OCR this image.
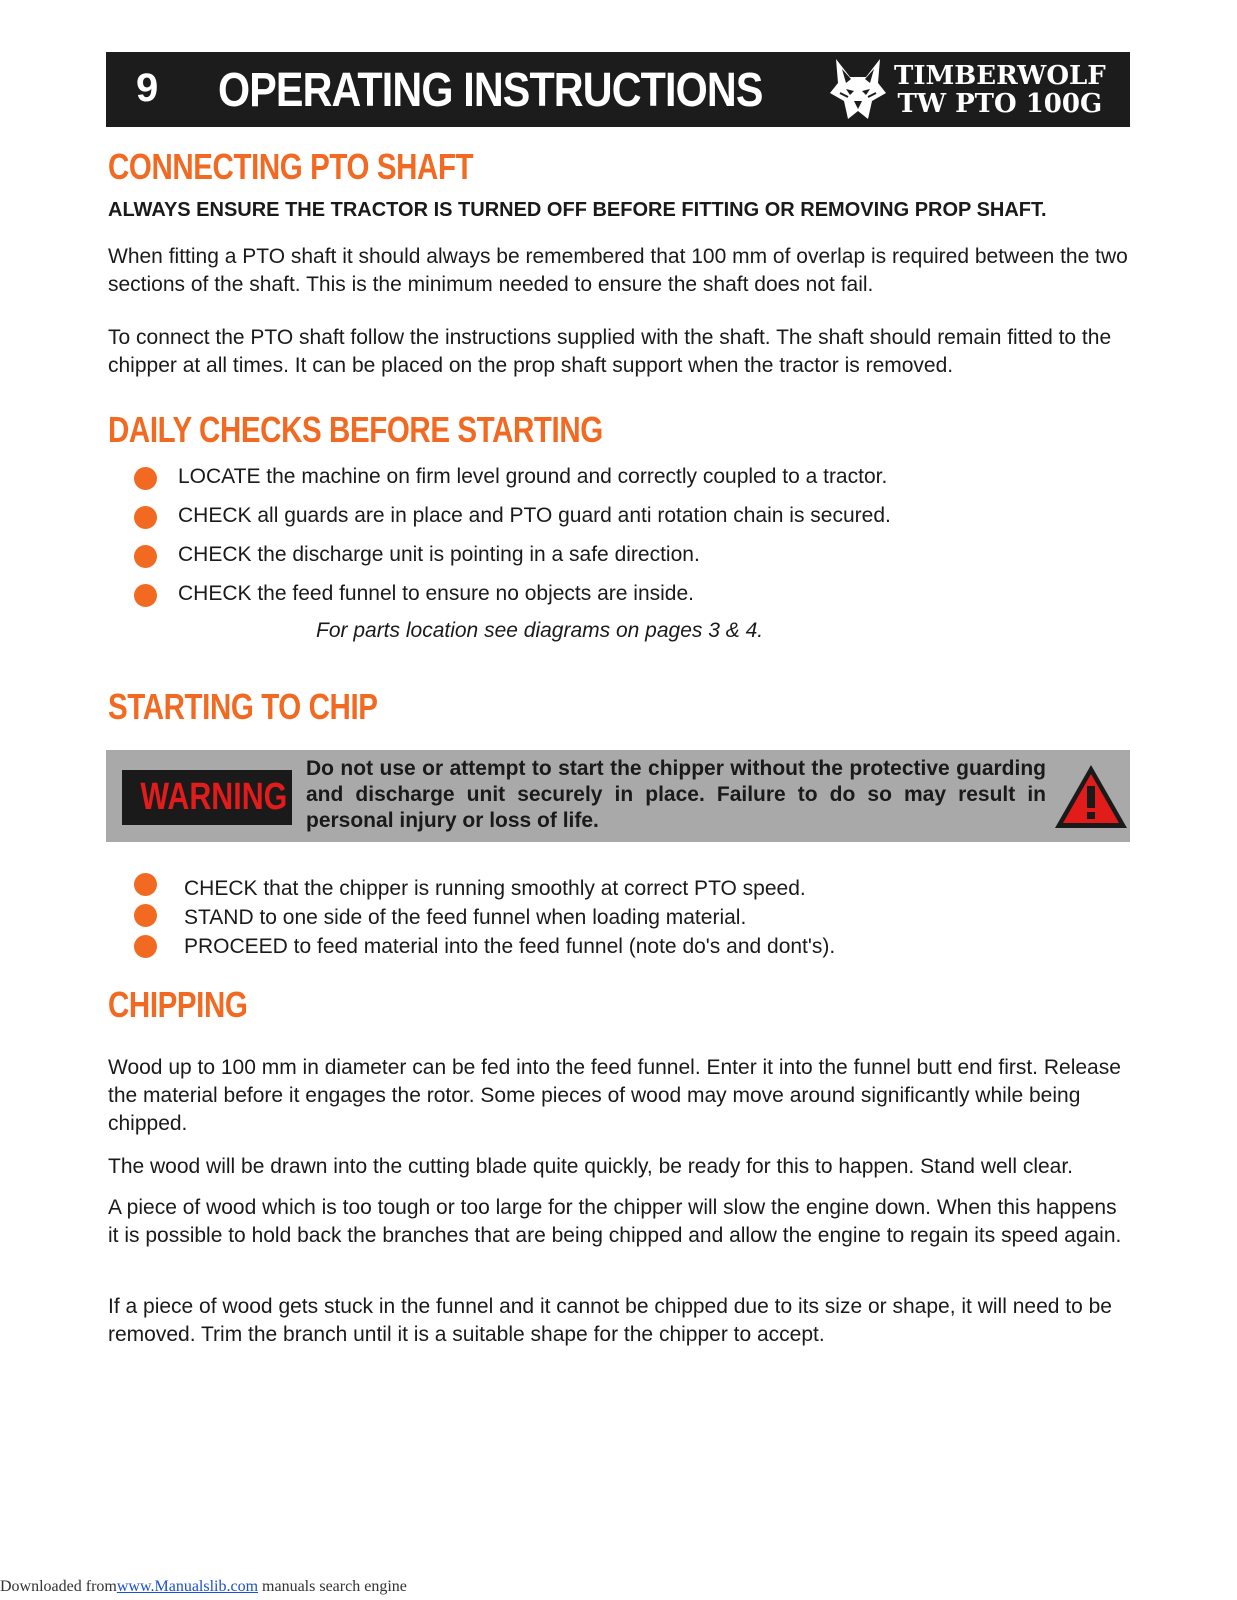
9 OPERATING INSTRUCTIONS	TIMBERWOLF
TW PTO 100G
CONNECTING PTO SHAFT

ALWAYS ENSURE THE TRACTOR IS TURNED OFF BEFORE FITTING OR REMOVING PROP SHAFT.

When fitting a PTO shaft it should always be remembered that 100 mm of overlap is required between the two sections of the shaft. This is the minimum needed to ensure the shaft does not fail.

To connect the PTO shaft follow the instructions supplied with the shaft. The shaft should remain fitted to the chipper at all times. It can be placed on the prop shaft support when the tractor is removed.

DAILY CHECKS BEFORE STARTING
LOCATE the machine on firm level ground and correctly coupled to a tractor.
CHECK all guards are in place and PTO guard anti rotation chain is secured.
CHECK the discharge unit is pointing in a safe direction.
CHECK the feed funnel to ensure no objects are inside.
For parts location see diagrams on pages 3 & 4.
STARTING TO CHIP
WARNING
Do not use or attempt to start the chipper without the protective guarding and discharge unit securely in place. Failure to do so may result in personal injury or loss of life.
CHECK that the chipper is running smoothly at correct PTO speed.
STAND to one side of the feed funnel when loading material.
PROCEED to feed material into the feed funnel (note do's and dont's).
CHIPPING

Wood up to 100 mm in diameter can be fed into the feed funnel. Enter it into the funnel butt end first. Release the material before it engages the rotor. Some pieces of wood may move around significantly while being chipped.

The wood will be drawn into the cutting blade quite quickly, be ready for this to happen. Stand well clear.

A piece of wood which is too tough or too large for the chipper will slow the engine down. When this happens it is possible to hold back the branches that are being chipped and allow the engine to regain its speed again.

If a piece of wood gets stuck in the funnel and it cannot be chipped due to its size or shape, it will need to be removed. Trim the branch until it is a suitable shape for the chipper to accept.

Downloaded fromwww.Manualslib.com manuals search engine
